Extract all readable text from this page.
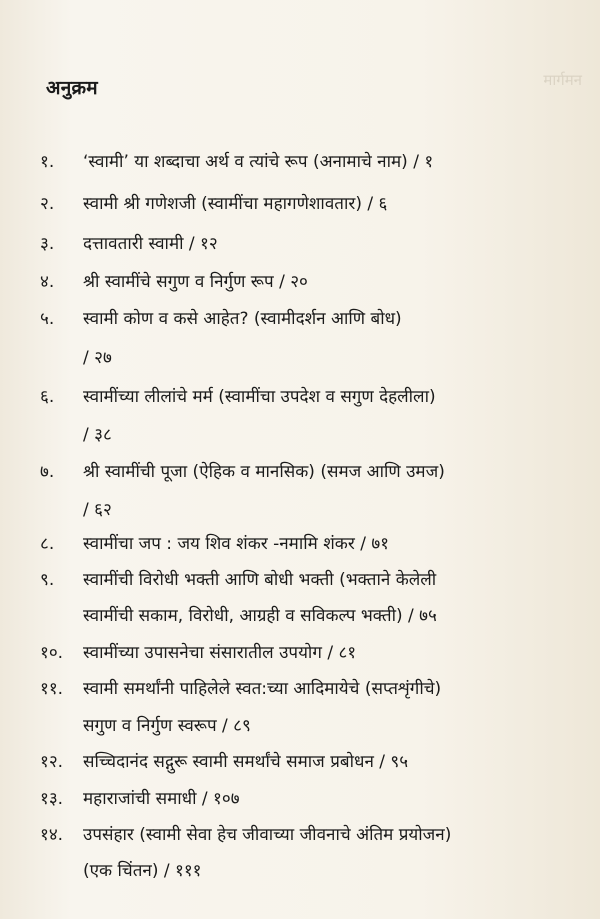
मार्गमन
अनुक्रम
१. ‘स्वामी’ या शब्दाचा अर्थ व त्यांचे रूप (अनामाचे नाम) / १
२. स्वामी श्री गणेशजी (स्वामींचा महागणेशावतार) / ६
३. दत्तावतारी स्वामी / १२
४. श्री स्वामींचे सगुण व निर्गुण रूप / २०
५. स्वामी कोण व कसे आहेत? (स्वामीदर्शन आणि बोध)
/ २७
६. स्वामींच्या लीलांचे मर्म (स्वामींचा उपदेश व सगुण देहलीला)
/ ३८
७. श्री स्वामींची पूजा (ऐहिक व मानसिक) (समज आणि उमज)
/ ६२
८. स्वामींचा जप : जय शिव शंकर -नमामि शंकर / ७१
९. स्वामींची विरोधी भक्ती आणि बोधी भक्ती (भक्ताने केलेली
स्वामींची सकाम, विरोधी, आग्रही व सविकल्प भक्ती) / ७५
१०. स्वामींच्या उपासनेचा संसारातील उपयोग / ८१
११. स्वामी समर्थांनी पाहिलेले स्वत:च्या आदिमायेचे (सप्तशृंगीचे)
सगुण व निर्गुण स्वरूप / ८९
१२. सच्चिदानंद सद्गुरू स्वामी समर्थांचे समाज प्रबोधन / ९५
१३. महाराजांची समाधी / १०७
१४. उपसंहार (स्वामी सेवा हेच जीवाच्या जीवनाचे अंतिम प्रयोजन)
(एक चिंतन) / १११
